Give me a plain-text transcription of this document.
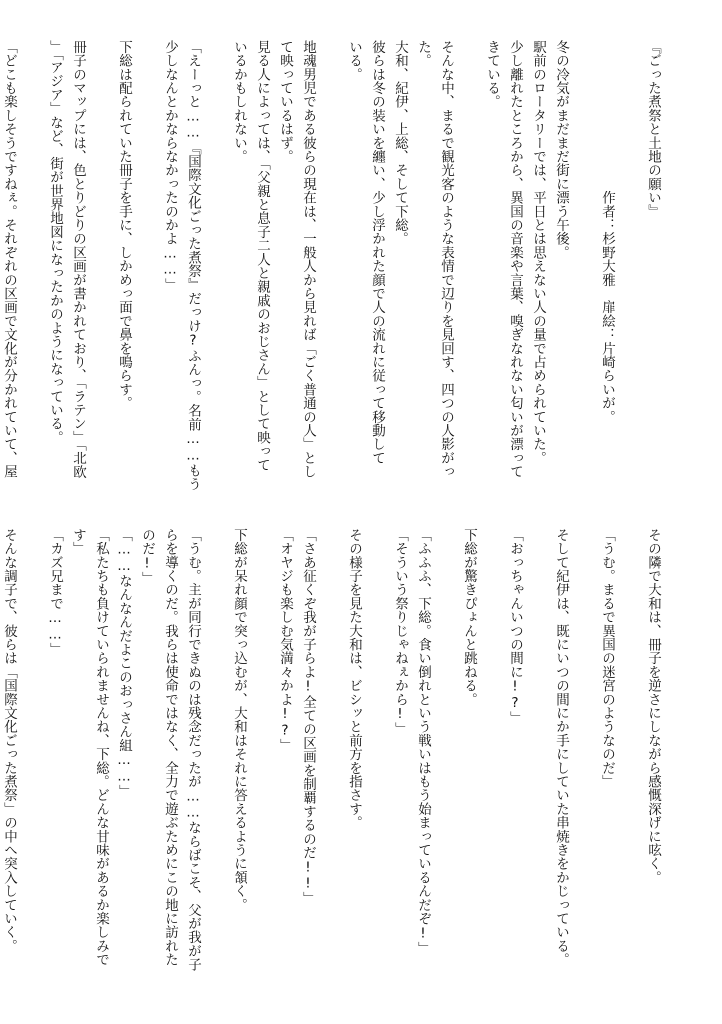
『ごった煮祭と土地の願い』

　　　　　　　　　　　作者：杉野大雅　扉絵：片崎らいが。

冬の冷気がまだまだ街に漂う午後。
駅前のロータリーでは、平日とは思えない人の量で占められていた。
少し離れたところから、異国の音楽や言葉、嗅ぎなれない匂いが漂って
きている。

そんな中、まるで観光客のような表情で辺りを見回す、四つの人影がっ
た。
大和、紀伊、上総、そして下総。
彼らは冬の装いを纏い、少し浮かれた顔で人の流れに従って移動して
いる。

地魂男児である彼らの現在は、一般人から見れば「ごく普通の人」とし
て映っているはず。
見る人によっては、「父親と息子二人と親戚のおじさん」として映って
いるかもしれない。

「えーっと……『国際文化ごった煮祭』だっけ?ふんっ。名前……もう
少しなんとかならなかったのかよ……」

下総は配られていた冊子を手に、しかめっ面で鼻を鳴らす。

冊子のマップには、色とりどりの区画が書かれており、「ラテン」「北欧
」「アジア」など、街が世界地図になったかのようになっている。

「どこも楽しそうですねぇ。それぞれの区画で文化が分かれていて、屋

その隣で大和は、冊子を逆さにしながら感慨深げに呟く。

「うむ。まるで異国の迷宮のようなのだ」

そして紀伊は、既にいつの間にか手にしていた串焼きをかじっている。

「おっちゃんいつの間に!?」

下総が驚きぴょんと跳ねる。

「ふふふ、下総。食い倒れという戦いはもう始まっているんだぞ!」
「そういう祭りじゃねぇから!」

その様子を見た大和は、ビシッと前方を指さす。

「さあ征くぞ我が子らよ!全ての区画を制覇するのだ!!」
「オヤジも楽しむ気満々かよ!?」

下総が呆れ顔で突っ込むが、大和はそれに答えるように頷く。

「うむ。主が同行できぬのは残念だったが……ならばこそ、父が我が子
らを導くのだ。我らは使命ではなく、全力で遊ぶためにこの地に訪れた
のだ!」
「……なんなんだよこのおっさん組……」
「私たちも負けていられませんね、下総。どんな甘味があるか楽しみで
す」
「カズ兄まで……」

そんな調子で、彼らは「国際文化ごった煮祭」の中へ突入していく。
